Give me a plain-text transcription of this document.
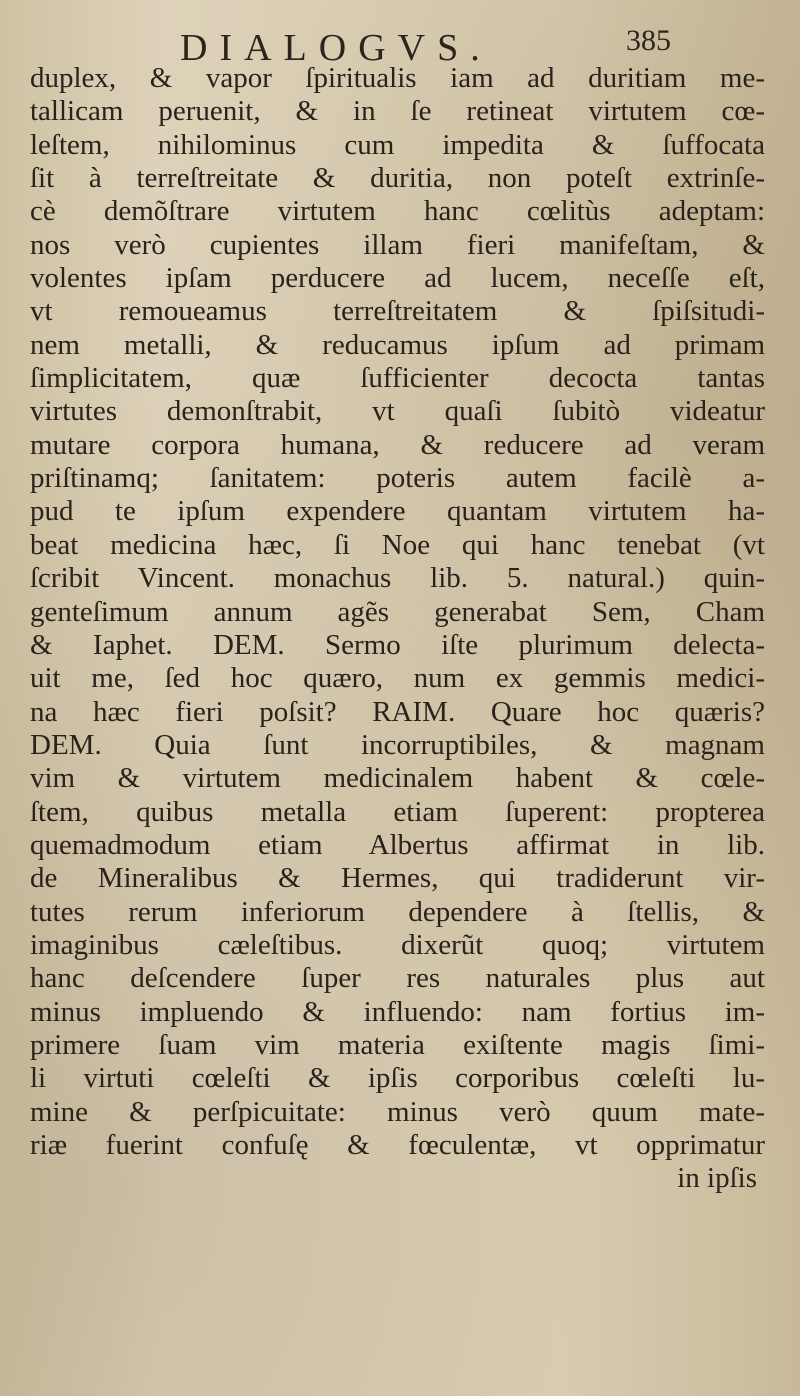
DIALOGVS.	385
duplex, & vapor ſpiritualis iam ad duritiam me-
tallicam peruenit, & in ſe retineat virtutem cœ-
leſtem, nihilominus cum impedita & ſuffocata
ſit à terreſtreitate & duritia, non poteſt extrinſe-
cè demõſtrare virtutem hanc cœlitùs adeptam:
nos verò cupientes illam fieri manifeſtam, &
volentes ipſam perducere ad lucem, neceſſe eſt,
vt remoueamus terreſtreitatem & ſpiſsitudi-
nem metalli, & reducamus ipſum ad primam
ſimplicitatem, quæ ſufficienter decocta tantas
virtutes demonſtrabit, vt quaſi ſubitò videatur
mutare corpora humana, & reducere ad veram
priſtinamq; ſanitatem: poteris autem facilè a-
pud te ipſum expendere quantam virtutem ha-
beat medicina hæc, ſi Noe qui hanc tenebat (vt
ſcribit Vincent. monachus lib. 5. natural.) quin-
genteſimum annum agẽs generabat Sem, Cham
& Iaphet. DEM. Sermo iſte plurimum delecta-
uit me, ſed hoc quæro, num ex gemmis medici-
na hæc fieri poſsit? RAIM. Quare hoc quæris?
DEM. Quia ſunt incorruptibiles, & magnam
vim & virtutem medicinalem habent & cœle-
ſtem, quibus metalla etiam ſuperent: propterea
quemadmodum etiam Albertus affirmat in lib.
de Mineralibus & Hermes, qui tradiderunt vir-
tutes rerum inferiorum dependere à ſtellis, &
imaginibus cæleſtibus. dixerũt quoq; virtutem
hanc deſcendere ſuper res naturales plus aut
minus impluendo & influendo: nam fortius im-
primere ſuam vim materia exiſtente magis ſimi-
li virtuti cœleſti & ipſis corporibus cœleſti lu-
mine & perſpicuitate: minus verò quum mate-
riæ fuerint confuſę & fœculentæ, vt opprimatur
in ipſis
